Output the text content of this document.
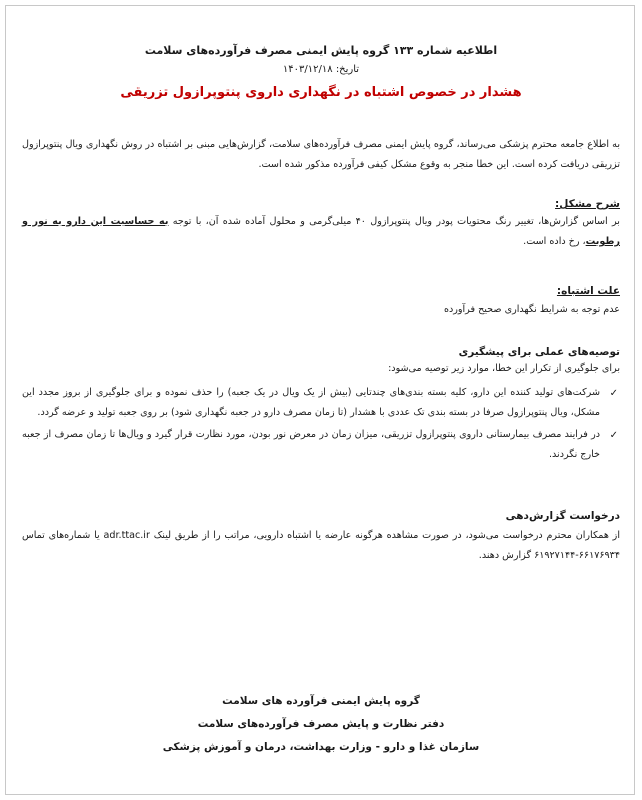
اطلاعیه شماره ۱۳۳ گروه پایش ایمنی مصرف فرآورده‌های سلامت
تاریخ: ۱۴۰۳/۱۲/۱۸
هشدار در خصوص اشتباه در نگهداری داروی پنتوپرازول تزریقی
به اطلاع جامعه محترم پزشکی می‌رساند، گروه پایش ایمنی مصرف فرآورده‌های سلامت، گزارش‌هایی مبنی بر اشتباه در روش نگهداری ویال پنتوپرازول تزریقی دریافت کرده است. این خطا منجر به وقوع مشکل کیفی فرآورده مذکور شده است.
شرح مشکل:
بر اساس گزارش‌ها، تغییر رنگ محتویات پودر ویال پنتوپرازول ۴۰ میلی‌گرمی و محلول آماده شده آن، با توجه به حساسیت این دارو به نور و رطوبت، رخ داده است.
علت اشتباه:
عدم توجه به شرایط نگهداری صحیح فرآورده
توصیه‌های عملی برای پیشگیری
برای جلوگیری از تکرار این خطا، موارد زیر توصیه می‌شود:
✓
شرکت‌های تولید کننده این دارو، کلیه بسته بندی‌های چندتایی (بیش از یک ویال در یک جعبه) را حذف نموده و برای جلوگیری از بروز مجدد این مشکل، ویال پنتوپرازول صرفا در بسته بندی تک عددی با هشدار (تا زمان مصرف دارو در جعبه نگهداری شود) بر روی جعبه تولید و عرضه گردد.
✓
در فرایند مصرف بیمارستانی داروی پنتوپرازول تزریقی، میزان زمان در معرض نور بودن، مورد نظارت قرار گیرد و ویال‌ها تا زمان مصرف از جعبه خارج نگردند.
درخواست گزارش‌دهی
از همکاران محترم درخواست می‌شود، در صورت مشاهده هرگونه عارضه یا اشتباه دارویی، مراتب را از طریق لینک adr.ttac.ir یا شماره‌های تماس ۶۶۱۷۶۹۳۴-۶۱۹۲۷۱۴۴ گزارش دهند.
گروه پایش ایمنی فرآورده های سلامت
دفتر نظارت و پایش مصرف فرآورده‌های سلامت
سازمان غذا و دارو - وزارت بهداشت، درمان و آموزش پزشکی
